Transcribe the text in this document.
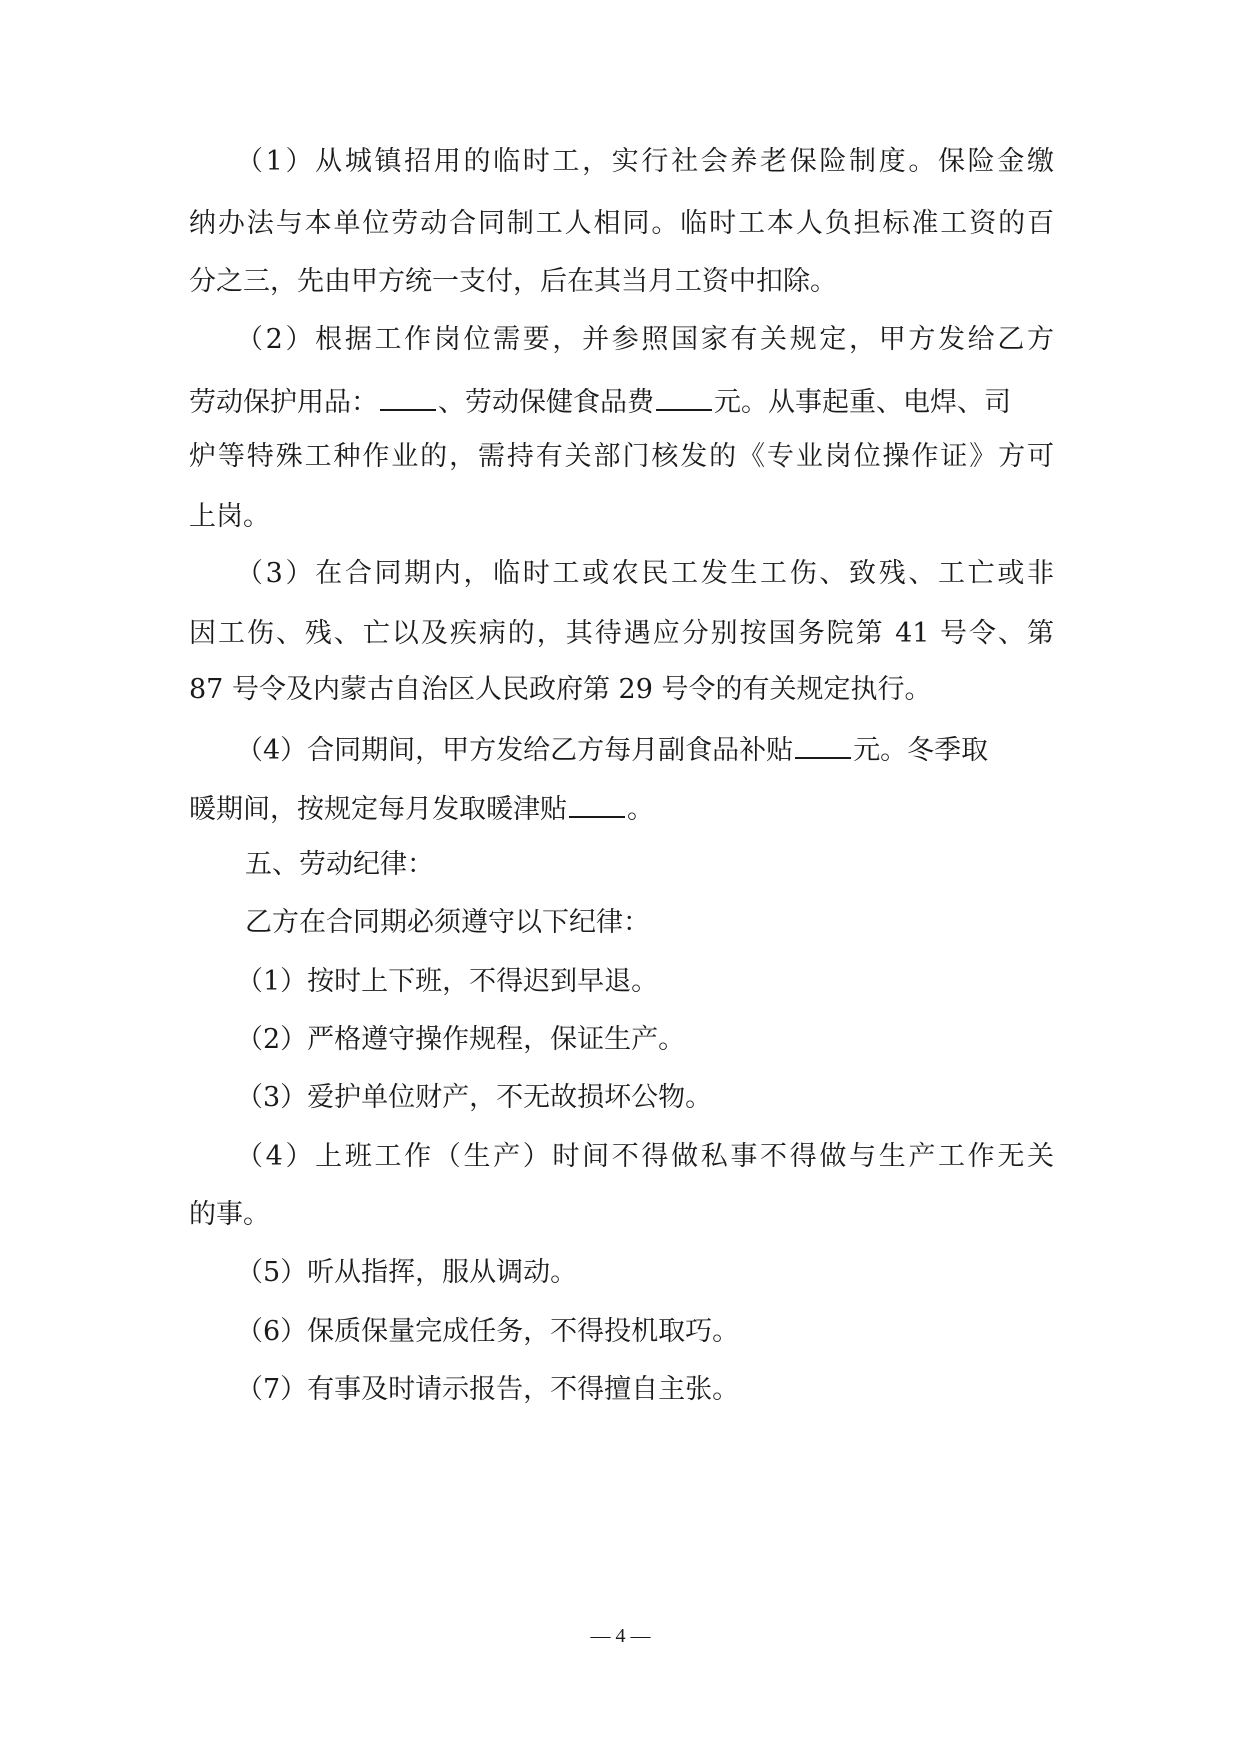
（1）从城镇招用的临时工，实行社会养老保险制度。保险金缴
纳办法与本单位劳动合同制工人相同。临时工本人负担标准工资的百
分之三，先由甲方统一支付，后在其当月工资中扣除。
（2）根据工作岗位需要，并参照国家有关规定，甲方发给乙方
劳动保护用品： 、劳动保健食品费 元。从事起重、电焊、司
炉等特殊工种作业的，需持有关部门核发的《专业岗位操作证》方可
上岗。
（3）在合同期内，临时工或农民工发生工伤、致残、工亡或非
因工伤、残、亡以及疾病的，其待遇应分别按国务院第 41 号令、第
87 号令及内蒙古自治区人民政府第 29 号令的有关规定执行。
（4）合同期间，甲方发给乙方每月副食品补贴 元。冬季取
暖期间，按规定每月发取暖津贴 。
五、劳动纪律：
乙方在合同期必须遵守以下纪律：
（1）按时上下班，不得迟到早退。
（2）严格遵守操作规程，保证生产。
（3）爱护单位财产，不无故损坏公物。
（4）上班工作（生产）时间不得做私事不得做与生产工作无关
的事。
（5）听从指挥，服从调动。
（6）保质保量完成任务，不得投机取巧。
（7）有事及时请示报告，不得擅自主张。
— 4 —
